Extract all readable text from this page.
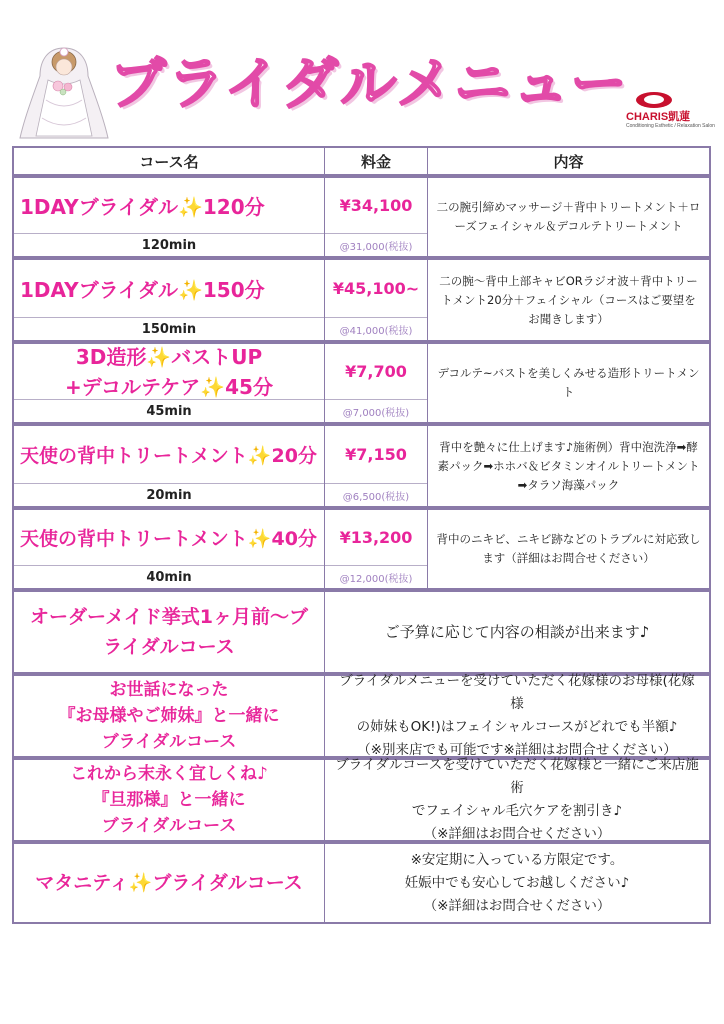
ブライダルメニュー
CHARIS凱蓮
Conditioning Esthetic / Relaxation Salon
コース名	料金	内容
1DAYブライダル✨120分
120min
¥34,100
@31,000(税抜)
二の腕引締めマッサージ＋背中トリートメント＋ローズフェイシャル＆デコルテトリートメント
1DAYブライダル✨150分
150min
¥45,100~
@41,000(税抜)
二の腕～背中上部キャビORラジオ波＋背中トリートメント20分＋フェイシャル（コースはご要望をお聞きします）
3D造形✨バストUP
+デコルテケア✨45分
45min
¥7,700
@7,000(税抜)
デコルテ~バストを美しくみせる造形トリートメント
天使の背中トリートメント✨20分
20min
¥7,150
@6,500(税抜)
背中を艶々に仕上げます♪施術例）背中泡洗浄➡酵素パック➡ホホバ＆ビタミンオイルトリートメント➡タラソ海藻パック
天使の背中トリートメント✨40分
40min
¥13,200
@12,000(税抜)
背中のニキビ、ニキビ跡などのトラブルに対応致します（詳細はお問合せください）
オーダーメイド挙式1ヶ月前～ブ
ライダルコース
ご予算に応じて内容の相談が出来ます♪
お世話になった
『お母様やご姉妹』と一緒に
ブライダルコース
ブライダルメニューを受けていただく花嫁様のお母様(花嫁様
の姉妹もOK!)はフェイシャルコースがどれでも半額♪
（※別来店でも可能です※詳細はお問合せください）
これから末永く宜しくね♪
『旦那様』と一緒に
ブライダルコース
ブライダルコースを受けていただく花嫁様と一緒にご来店施術
でフェイシャル毛穴ケアを割引き♪
（※詳細はお問合せください）
マタニティ✨ブライダルコース
※安定期に入っている方限定です。
妊娠中でも安心してお越しください♪
（※詳細はお問合せください）
